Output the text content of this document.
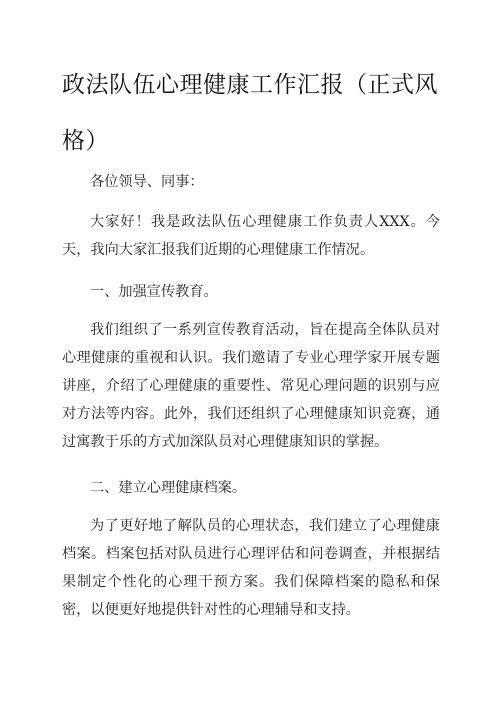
政法队伍心理健康工作汇报（正式风格）

各位领导、同事：

大家好！我是政法队伍心理健康工作负责人XXX。今天，我向大家汇报我们近期的心理健康工作情况。

一、加强宣传教育。

我们组织了一系列宣传教育活动，旨在提高全体队员对心理健康的重视和认识。我们邀请了专业心理学家开展专题讲座，介绍了心理健康的重要性、常见心理问题的识别与应对方法等内容。此外，我们还组织了心理健康知识竞赛，通过寓教于乐的方式加深队员对心理健康知识的掌握。

二、建立心理健康档案。

为了更好地了解队员的心理状态，我们建立了心理健康档案。档案包括对队员进行心理评估和问卷调查，并根据结果制定个性化的心理干预方案。我们保障档案的隐私和保密，以便更好地提供针对性的心理辅导和支持。
